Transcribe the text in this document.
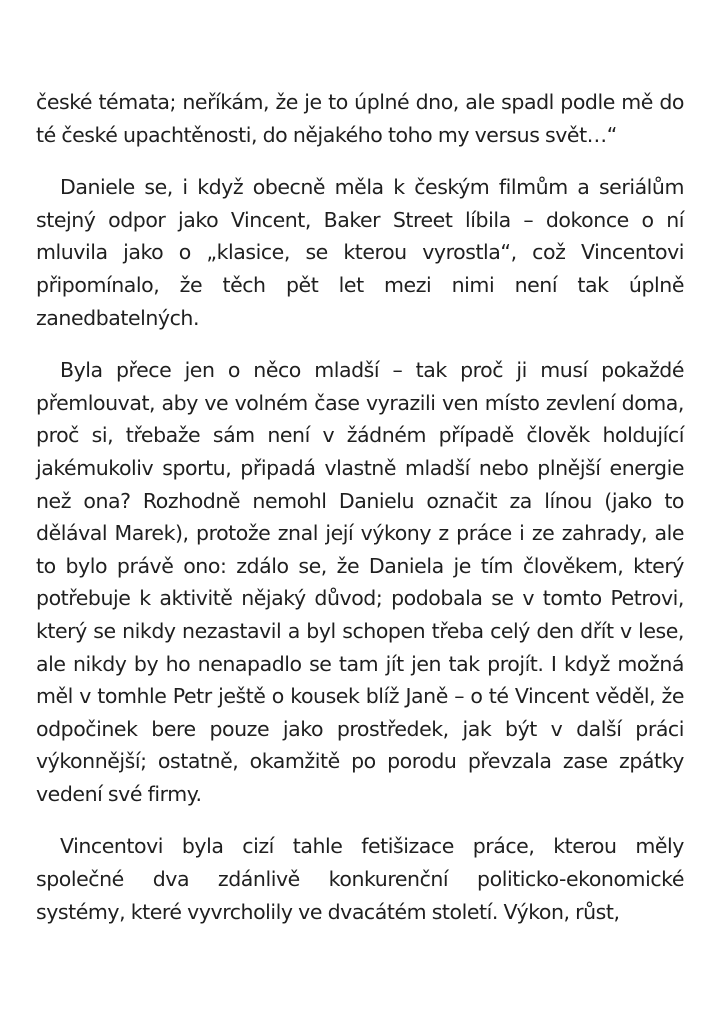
české témata; neříkám, že je to úplné dno, ale spadl podle mě do té české upachtěnosti, do nějakého toho my versus svět…“

Daniele se, i když obecně měla k českým filmům a seriálům stejný odpor jako Vincent, Baker Street líbila – dokonce o ní mluvila jako o „klasice, se kterou vyrostla“, což Vincentovi připomínalo, že těch pět let mezi nimi není tak úplně zanedbatelných.

Byla přece jen o něco mladší – tak proč ji musí pokaždé přemlouvat, aby ve volném čase vyrazili ven místo zevlení doma, proč si, třebaže sám není v žádném případě člověk holdující jakémukoliv sportu, připadá vlastně mladší nebo plnější energie než ona? Rozhodně nemohl Danielu označit za línou (jako to dělával Marek), protože znal její výkony z práce i ze zahrady, ale to bylo právě ono: zdálo se, že Daniela je tím člověkem, který potřebuje k aktivitě nějaký důvod; podobala se v tomto Petrovi, který se nikdy nezastavil a byl schopen třeba celý den dřít v lese, ale nikdy by ho nenapadlo se tam jít jen tak projít. I když možná měl v tomhle Petr ještě o kousek blíž Janě – o té Vincent věděl, že odpočinek bere pouze jako prostředek, jak být v další práci výkonnější; ostatně, okamžitě po porodu převzala zase zpátky vedení své firmy.

Vincentovi byla cizí tahle fetišizace práce, kterou měly společné dva zdánlivě konkurenční politicko-ekonomické systémy, které vyvrcholily ve dvacátém století. Výkon, růst,
